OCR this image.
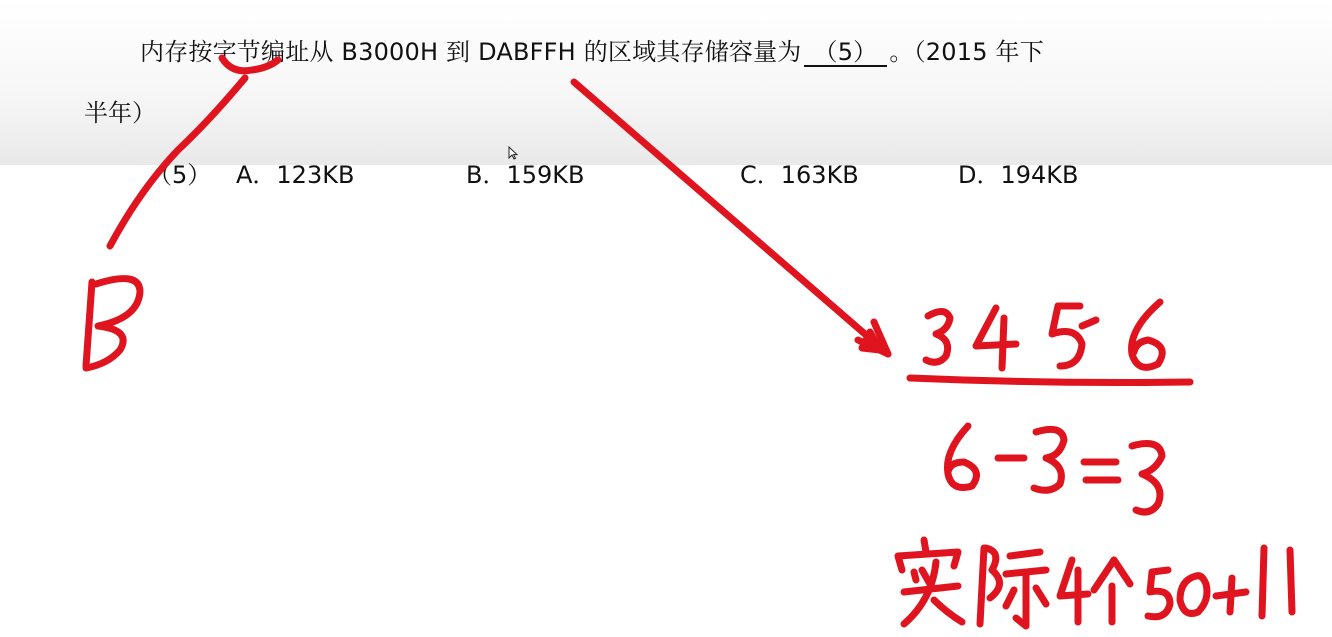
内存按字节编址从 B3000H 到 DABFFH 的区域其存储容量为 （5） 。（2015 年下
半年）
（5） A．123KB	B．159KB	C．163KB	D．194KB
